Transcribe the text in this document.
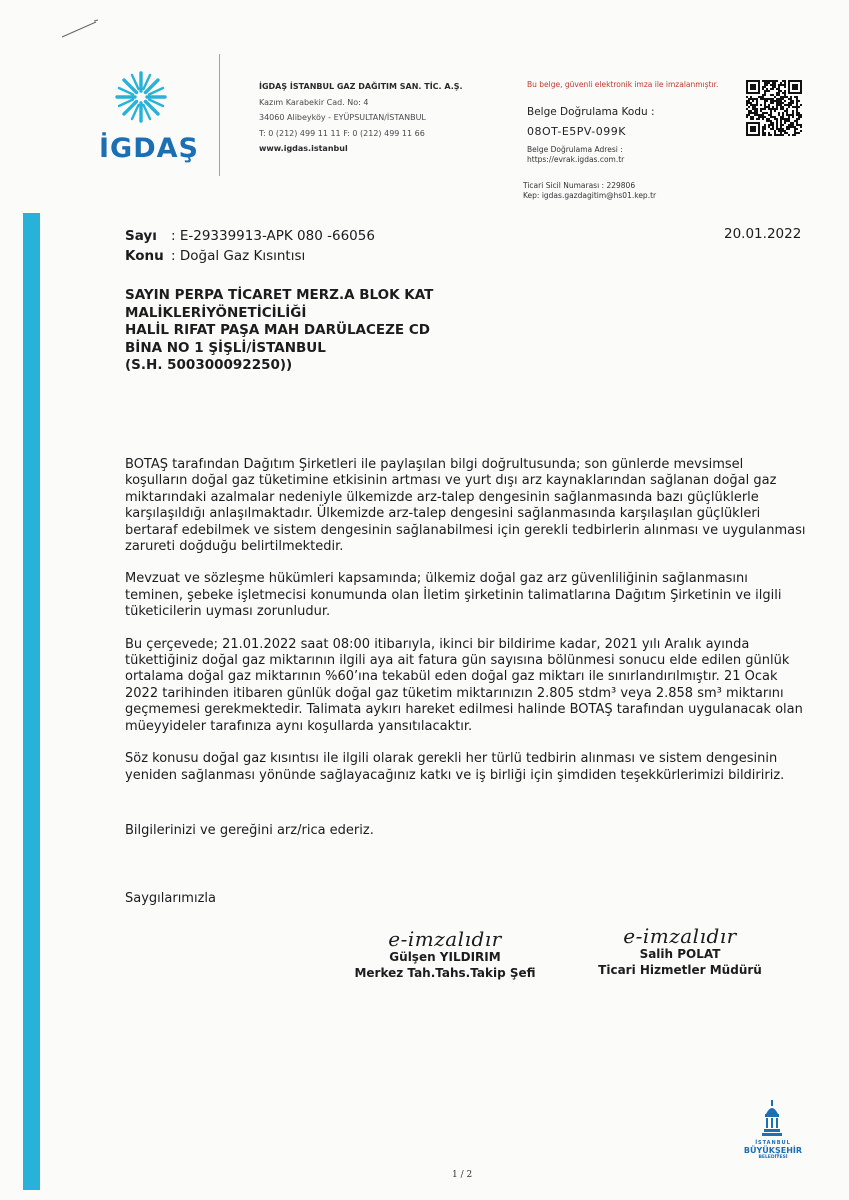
İGDAŞ
İGDAŞ İSTANBUL GAZ DAĞITIM SAN. TİC. A.Ş.
Kazım Karabekir Cad. No: 4
34060 Alibeyköy - EYÜPSULTAN/İSTANBUL
T: 0 (212) 499 11 11 F: 0 (212) 499 11 66
www.igdas.istanbul
Bu belge, güvenli elektronik imza ile imzalanmıştır.
Belge Doğrulama Kodu :
08OT-E5PV-099K
Belge Doğrulama Adresi :
https://evrak.igdas.com.tr
Ticari Sicil Numarası : 229806
Kep: igdas.gazdagitim@hs01.kep.tr
Sayı : E-29339913-APK 080 -66056
Konu : Doğal Gaz Kısıntısı
20.01.2022
SAYIN PERPA TİCARET MERZ.A BLOK KAT
MALİKLERİYÖNETİCİLİĞİ
HALİL RIFAT PAŞA MAH DARÜLACEZE CD
BİNA NO 1 ŞİŞLİ/İSTANBUL
(S.H. 500300092250))

BOTAŞ tarafından Dağıtım Şirketleri ile paylaşılan bilgi doğrultusunda; son günlerde mevsimsel koşulların doğal gaz tüketimine etkisinin artması ve yurt dışı arz kaynaklarından sağlanan doğal gaz miktarındaki azalmalar nedeniyle ülkemizde arz-talep dengesinin sağlanmasında bazı güçlüklerle karşılaşıldığı anlaşılmaktadır. Ülkemizde arz-talep dengesini sağlanmasında karşılaşılan güçlükleri bertaraf edebilmek ve sistem dengesinin sağlanabilmesi için gerekli tedbirlerin alınması ve uygulanması zarureti doğduğu belirtilmektedir.

Mevzuat ve sözleşme hükümleri kapsamında; ülkemiz doğal gaz arz güvenliliğinin sağlanmasını teminen, şebeke işletmecisi konumunda olan İletim şirketinin talimatlarına Dağıtım Şirketinin ve ilgili tüketicilerin uyması zorunludur.

Bu çerçevede; 21.01.2022 saat 08:00 itibarıyla, ikinci bir bildirime kadar, 2021 yılı Aralık ayında tükettiğiniz doğal gaz miktarının ilgili aya ait fatura gün sayısına bölünmesi sonucu elde edilen günlük ortalama doğal gaz miktarının %60’ına tekabül eden doğal gaz miktarı ile sınırlandırılmıştır. 21 Ocak 2022 tarihinden itibaren günlük doğal gaz tüketim miktarınızın 2.805 stdm³ veya 2.858 sm³ miktarını geçmemesi gerekmektedir. Talimata aykırı hareket edilmesi halinde BOTAŞ tarafından uygulanacak olan müeyyideler tarafınıza aynı koşullarda yansıtılacaktır.

Söz konusu doğal gaz kısıntısı ile ilgili olarak gerekli her türlü tedbirin alınması ve sistem dengesinin yeniden sağlanması yönünde sağlayacağınız katkı ve iş birliği için şimdiden teşekkürlerimizi bildiririz.

Bilgilerinizi ve gereğini arz/rica ederiz.
Saygılarımızla
e-imzalıdır
Gülşen YILDIRIM
Merkez Tah.Tahs.Takip Şefi
e-imzalıdır
Salih POLAT
Ticari Hizmetler Müdürü
İSTANBUL
BÜYÜKŞEHİR
BELEDİYESİ
1 / 2
